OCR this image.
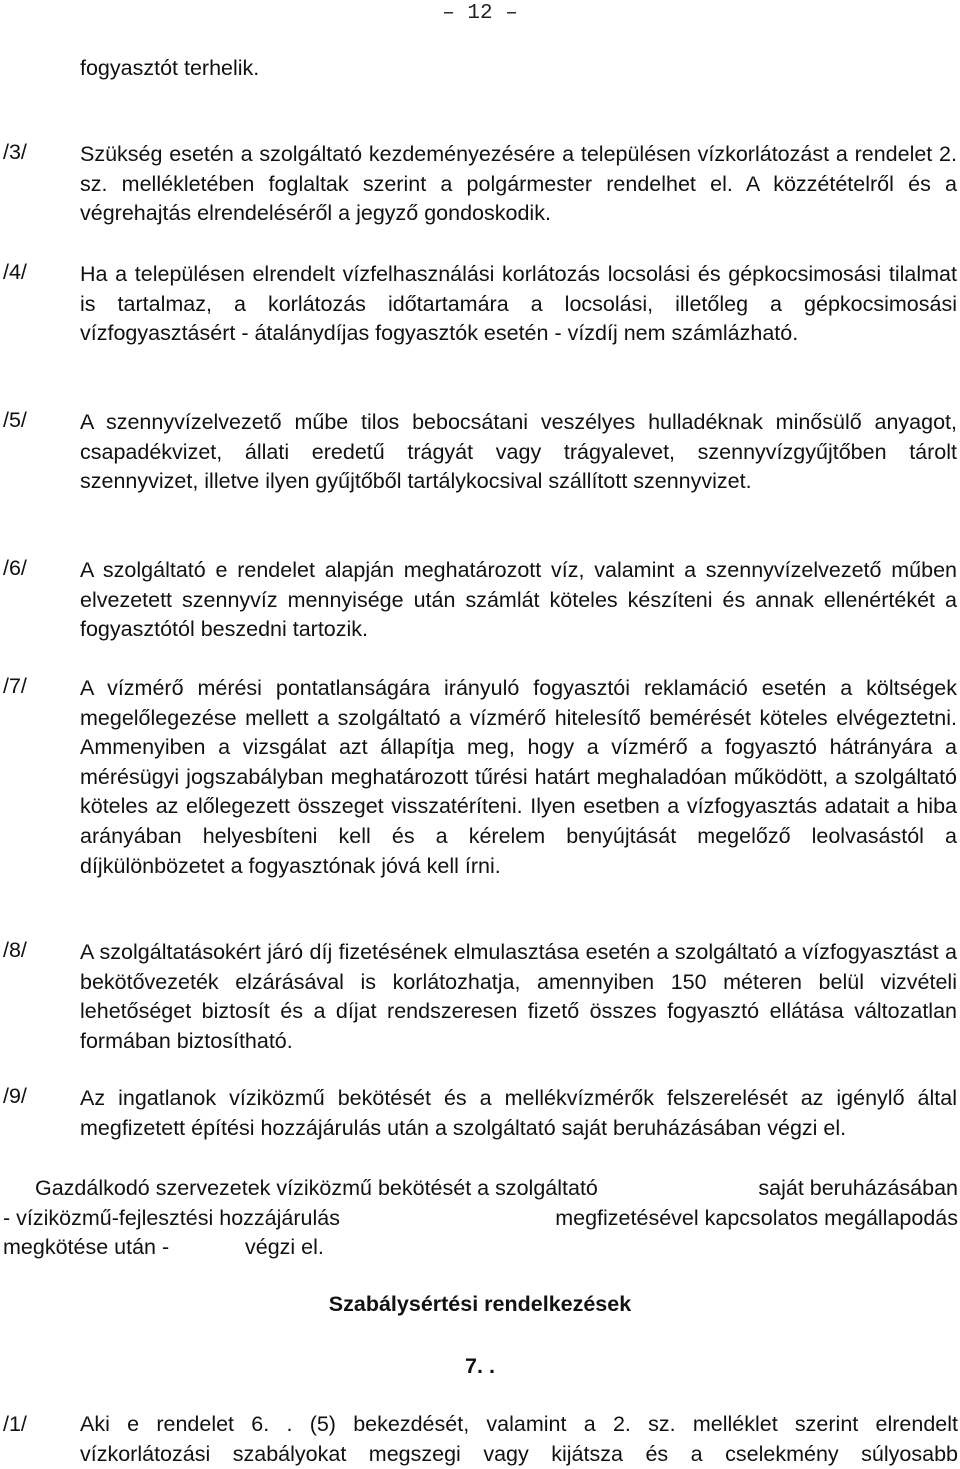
– 12 –
fogyasztót terhelik.
/3/ Szükség esetén a szolgáltató kezdeményezésére a településen vízkorlátozást a rendelet 2. sz. mellékletében foglaltak szerint a polgármester rendelhet el. A közzétételről és a végrehajtás elrendeléséről a jegyző gondoskodik.
/4/ Ha a településen elrendelt vízfelhasználási korlátozás locsolási és gépkocsimosási tilalmat is tartalmaz, a korlátozás időtartamára a locsolási, illetőleg a gépkocsimosási vízfogyasztásért - átalánydíjas fogyasztók esetén - vízdíj nem számlázható.
/5/ A szennyvízelvezető műbe tilos bebocsátani veszélyes hulladéknak minősülő anyagot, csapadékvizet, állati eredetű trágyát vagy trágyalevet, szennyvízgyűjtőben tárolt szennyvizet, illetve ilyen gyűjtőből tartálykocsival szállított szennyvizet.
/6/ A szolgáltató e rendelet alapján meghatározott víz, valamint a szennyvízelvezető műben elvezetett szennyvíz mennyisége után számlát köteles készíteni és annak ellenértékét a fogyasztótól beszedni tartozik.
/7/ A vízmérő mérési pontatlanságára irányuló fogyasztói reklamáció esetén a költségek megelőlegezése mellett a szolgáltató a vízmérő hitelesítő bemérését köteles elvégeztetni. Ammenyiben a vizsgálat azt állapítja meg, hogy a vízmérő a fogyasztó hátrányára a mérésügyi jogszabályban meghatározott tűrési határt meghaladóan működött, a szolgáltató köteles az előlegezett összeget visszatéríteni. Ilyen esetben a vízfogyasztás adatait a hiba arányában helyesbíteni kell és a kérelem benyújtását megelőző leolvasástól a díjkülönbözetet a fogyasztónak jóvá kell írni.
/8/ A szolgáltatásokért járó díj fizetésének elmulasztása esetén a szolgáltató a vízfogyasztást a bekötővezeték elzárásával is korlátozhatja, amennyiben 150 méteren belül vizvételi lehetőséget biztosít és a díjat rendszeresen fizető összes fogyasztó ellátása változatlan formában biztosítható.
/9/ Az ingatlanok víziközmű bekötését és a mellékvízmérők felszerelését az igénylő által megfizetett építési hozzájárulás után a szolgáltató saját beruházásában végzi el.
Gazdálkodó szervezetek víziközmű bekötését a szolgáltató	saját beruházásában
- víziközmű-fejlesztési hozzájárulás	megfizetésével kapcsolatos megállapodás
megkötése után -	végzi el.
Szabálysértési rendelkezések
7. .
/1/ Aki e rendelet 6. . (5) bekezdését, valamint a 2. sz. melléklet szerint elrendelt
vízkorlátozási szabályokat megszegi vagy kijátsza és a cselekmény súlyosabb
